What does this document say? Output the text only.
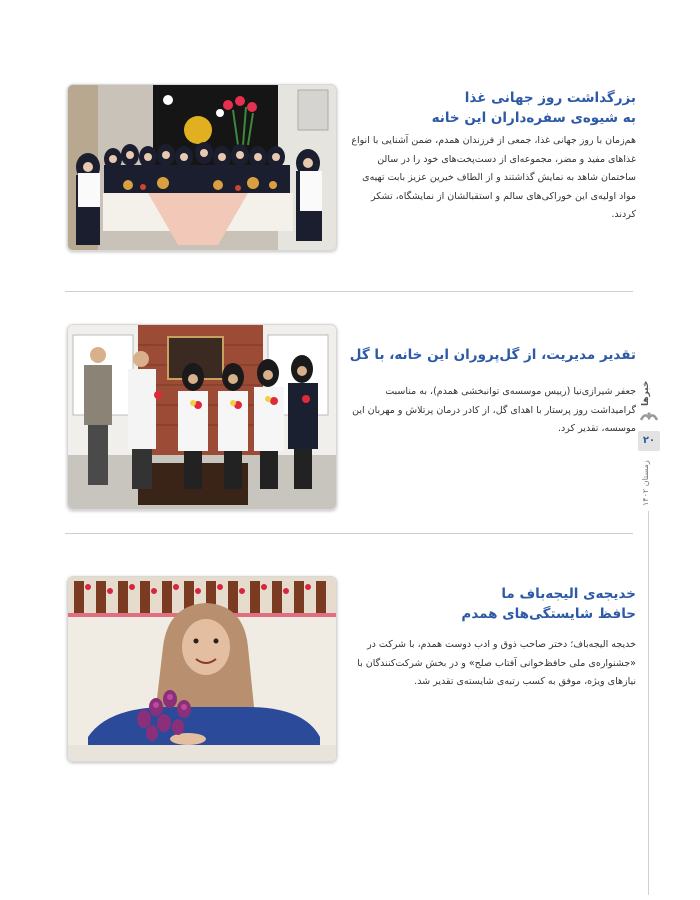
بزرگداشت روز جهانی غذا

به شیوه‌ی سفره‌داران این خانه

هم‌زمان با روز جهانی غذا، جمعی از فرزندان همدم، ضمن آشنایی با انواع غذاهای مفید و مضر، مجموعه‌ای از دست‌پخت‌های خود را در سالن ساختمان شاهد به نمایش گذاشتند و از الطاف خیرین عزیز بابت تهیه‌ی مواد اولیه‌ی این خوراکی‌های سالم و استقبالشان از نمایشگاه، تشکر کردند.

تقدیر مدیریت، از گل‌پروران این خانه، با گل

جعفر شیرازی‌نیا (رییس موسسه‌ی توانبخشی همدم)، به مناسبت گرامیداشت روز پرستار با اهدای گل، از کادر درمان پرتلاش و مهربان این موسسه، تقدیر کرد.

خدیجه‌ی الیجه‌باف ما

حافظ شایستگی‌های همدم

خدیجه الیجه‌باف؛ دختر صاحب ذوق و ادب دوست همدم، با شرکت در «جشنواره‌ی ملی حافظ‌خوانی آفتاب صلح» و در بخش شرکت‌کنندگان با نیازهای ویژه، موفق به کسب رتبه‌ی شایسته‌ی تقدیر شد.

خبرها
۲۰
زمستان ۱۴۰۲
